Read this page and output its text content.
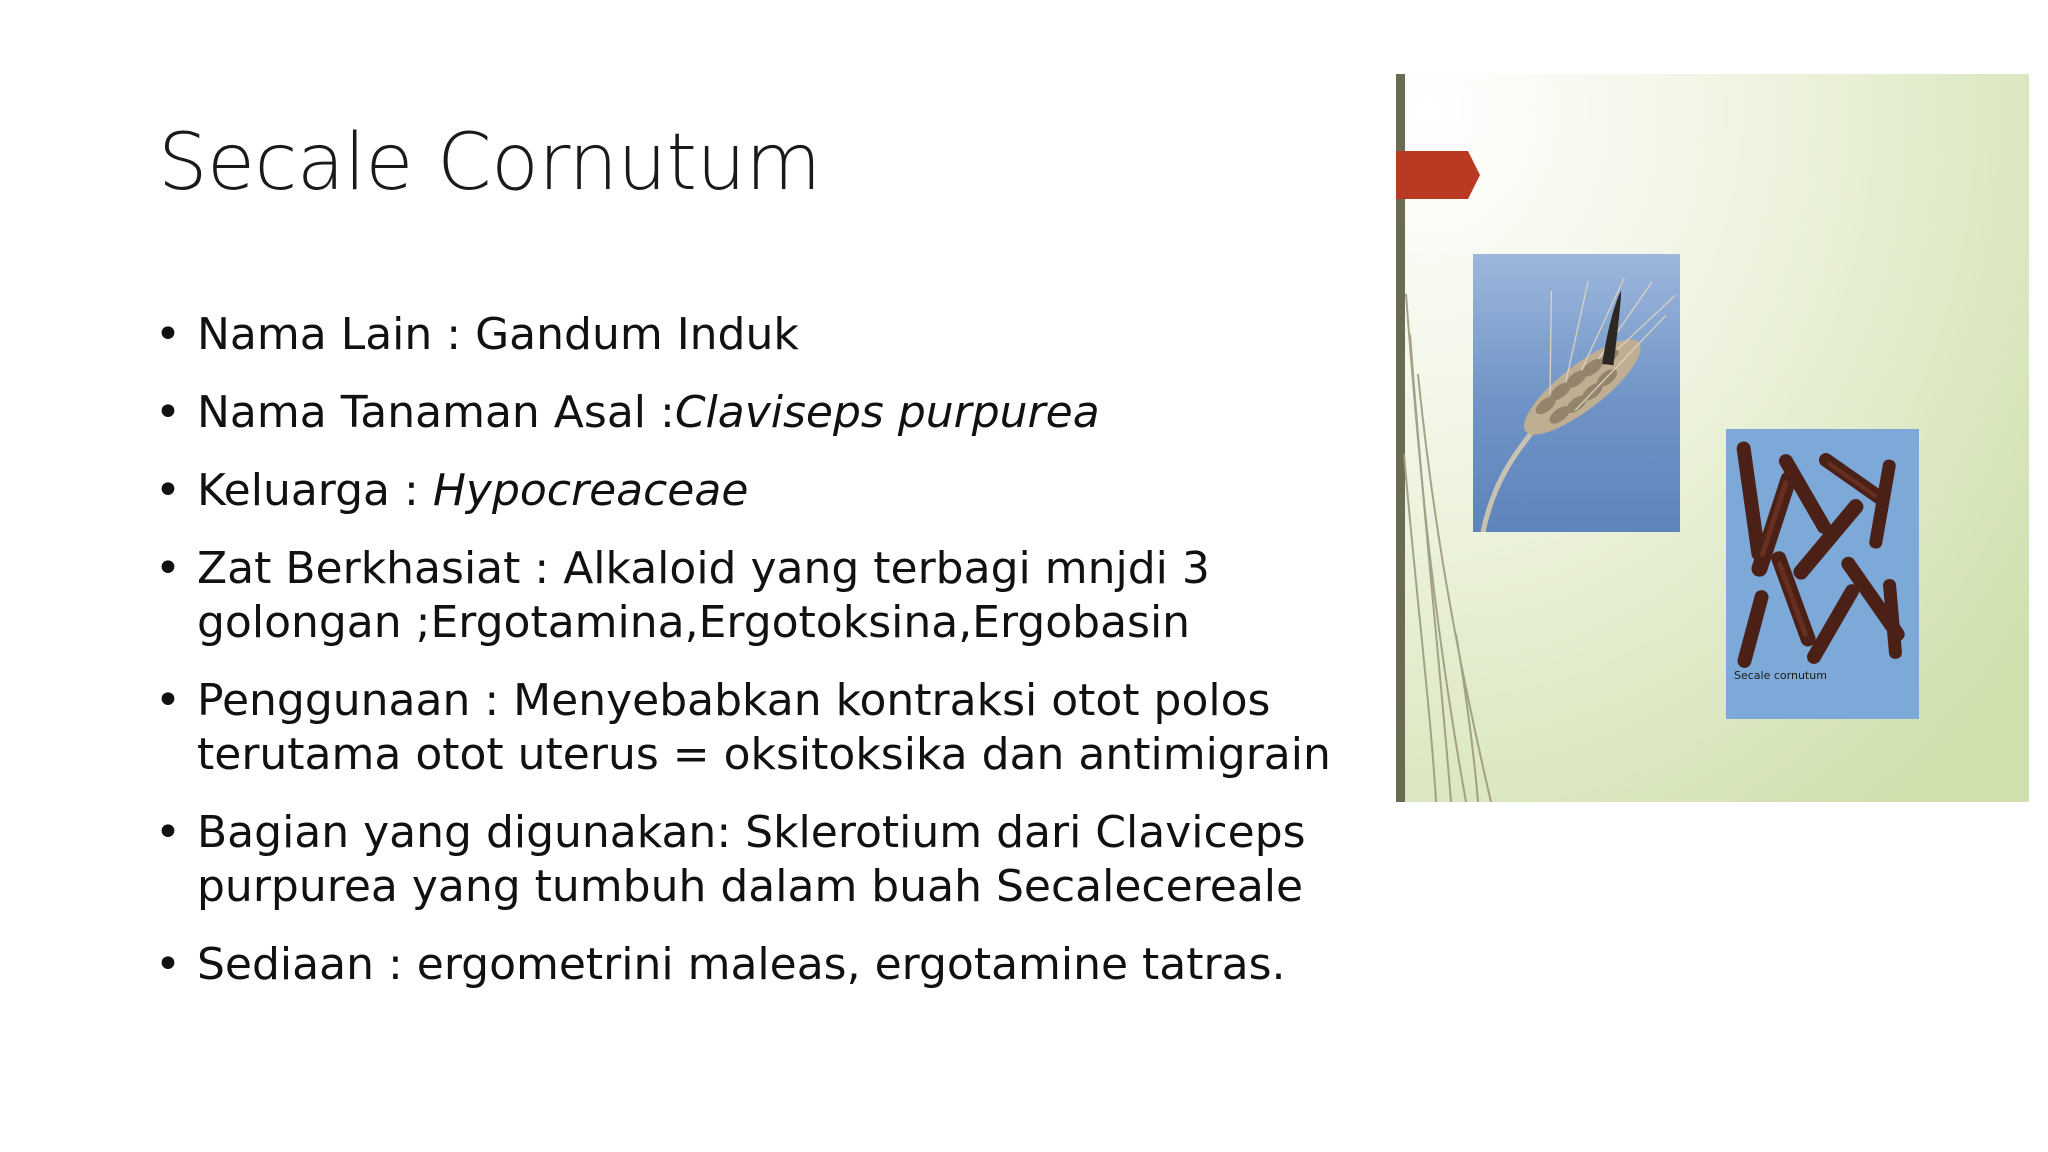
Secale Cornutum
• Nama Lain : Gandum Induk
• Nama Tanaman Asal :Claviseps purpurea
• Keluarga : Hypocreaceae
• Zat Berkhasiat : Alkaloid yang terbagi mnjdi 3 golongan ;Ergotamina,Ergotoksina,Ergobasin
• Penggunaan : Menyebabkan kontraksi otot polos terutama otot uterus = oksitoksika dan antimigrain
• Bagian yang digunakan: Sklerotium dari Claviceps purpurea yang tumbuh dalam buah Secalecereale
• Sediaan : ergometrini maleas, ergotamine tatras.
Secale cornutum
